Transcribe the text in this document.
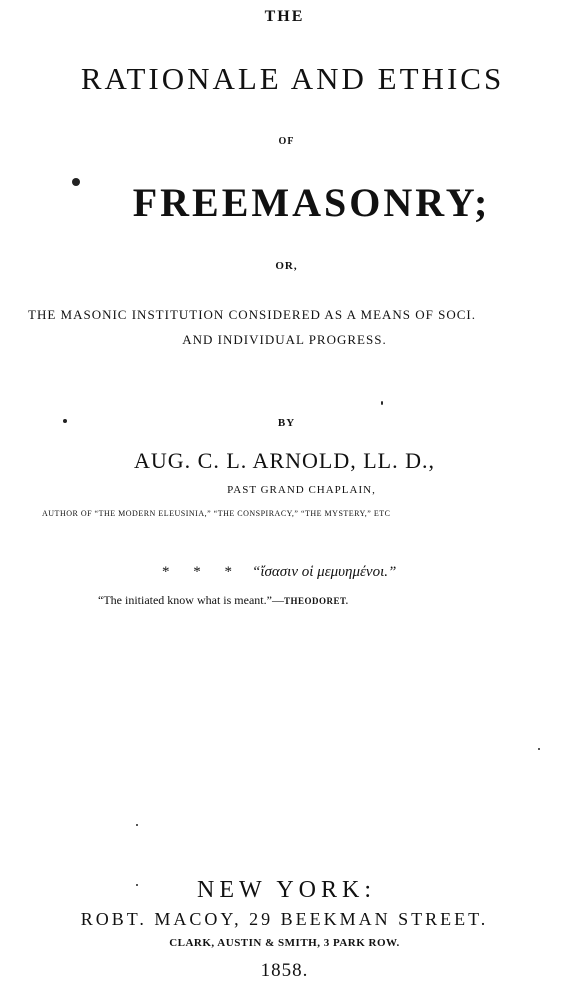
THE
RATIONALE AND ETHICS
OF
FREEMASONRY;
OR,
THE MASONIC INSTITUTION CONSIDERED AS A MEANS OF SOCI.
AND INDIVIDUAL PROGRESS.
BY
AUG. C. L. ARNOLD, LL. D.,
PAST GRAND CHAPLAIN,
AUTHOR OF “THE MODERN ELEUSINIA,” “THE CONSPIRACY,” “THE MYSTERY,” ETC
* * * “ἴσασιν οἱ μεμυημένοι.”
“The initiated know what is meant.”—THEODORET.
NEW YORK:
ROBT. MACOY, 29 BEEKMAN STREET.
CLARK, AUSTIN & SMITH, 3 PARK ROW.
1858.
